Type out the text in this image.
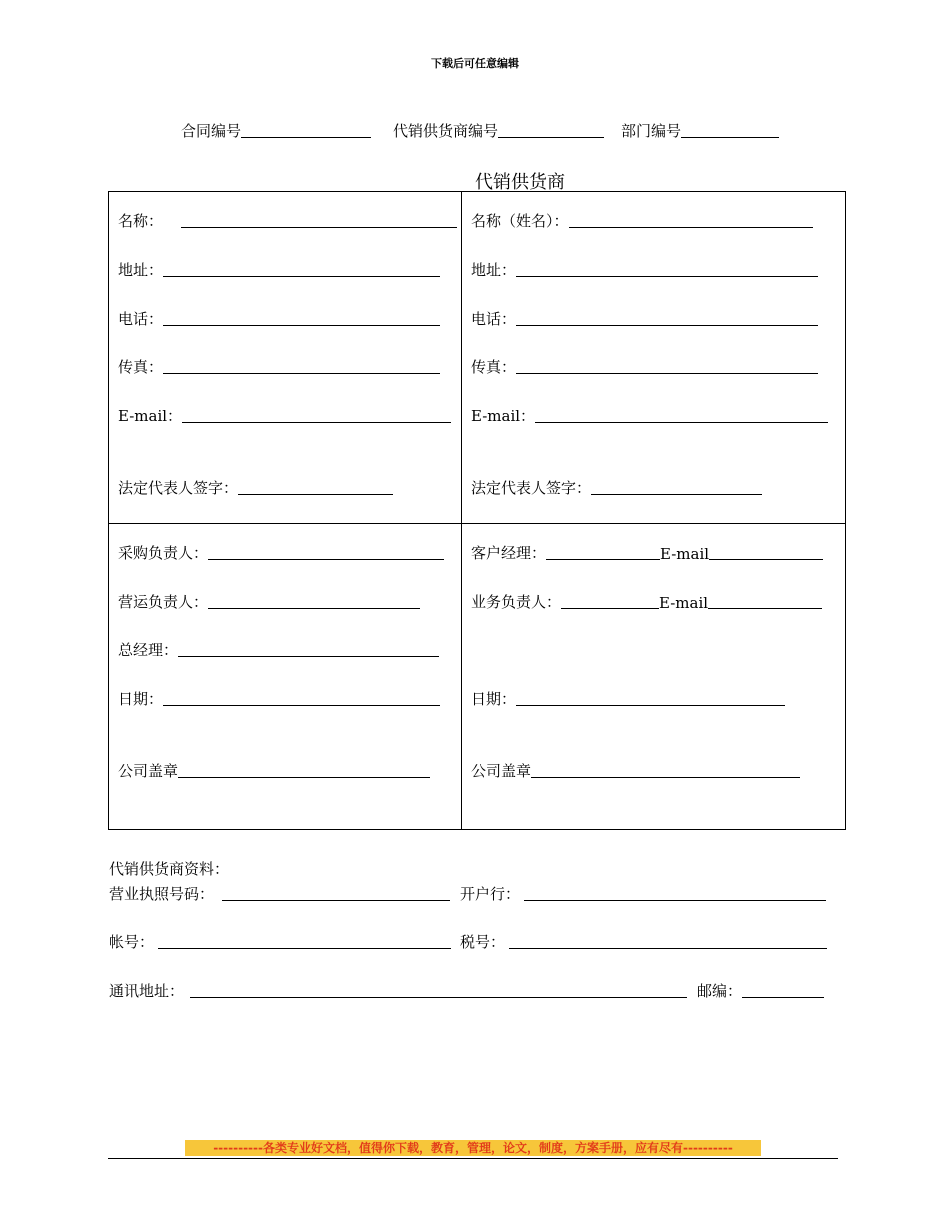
下载后可任意编辑
合同编号	代销供货商编号	部门编号
代销供货商
名称：
地址：
电话：
传真：
E-mail：
法定代表人签字：
名称（姓名）：
地址：
电话：
传真：
E-mail：
法定代表人签字：
采购负责人：
营运负责人：
总经理：
日期：
公司盖章
客户经理：	E-mail
业务负责人：	E-mail
日期：
公司盖章
代销供货商资料：
营业执照号码：	开户行：
帐号：	税号：
通讯地址：	邮编：
----------各类专业好文档，值得你下载，教育，管理，论文，制度，方案手册，应有尽有----------
